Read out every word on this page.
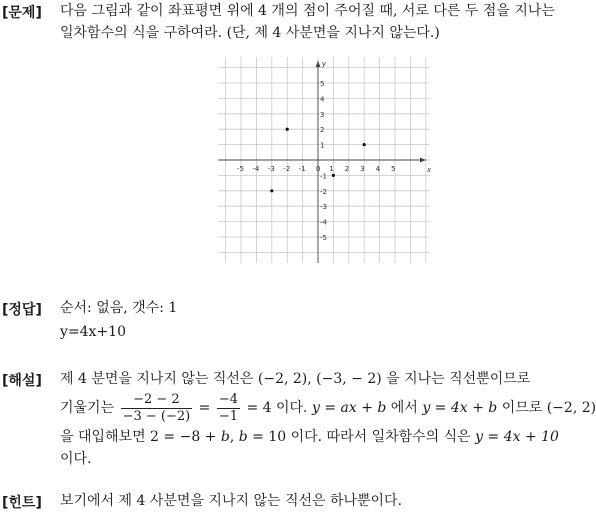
[문제] 다음 그림과 같이 좌표평면 위에 4 개의 점이 주어질 때, 서로 다른 두 점을 지나는
일차함수의 식을 구하여라. (단, 제 4 사분면을 지나지 않는다.)
x
y
-5 -4 -3 -2 -1 0 1 2 3 4 5
5
4
3
2
1
-1
-2
-3
-4
-5
[정답] 순서: 없음, 갯수: 1
y=4x+10
[해설] 제 4 분면을 지나지 않는 직선은 (−2, 2), (−3, − 2) 을 지나는 직선뿐이므로
기울기는 $\frac{-2 - 2}{-3 - (-2)} = \frac{-4}{-1} = 4$ 이다. y = ax + b 에서 y = 4x + b 이므로 (−2, 2)
을 대입해보면 2 = −8 + b, b = 10 이다. 따라서 일차함수의 식은 y = 4x + 10
이다.
[힌트] 보기에서 제 4 사분면을 지나지 않는 직선은 하나뿐이다.
